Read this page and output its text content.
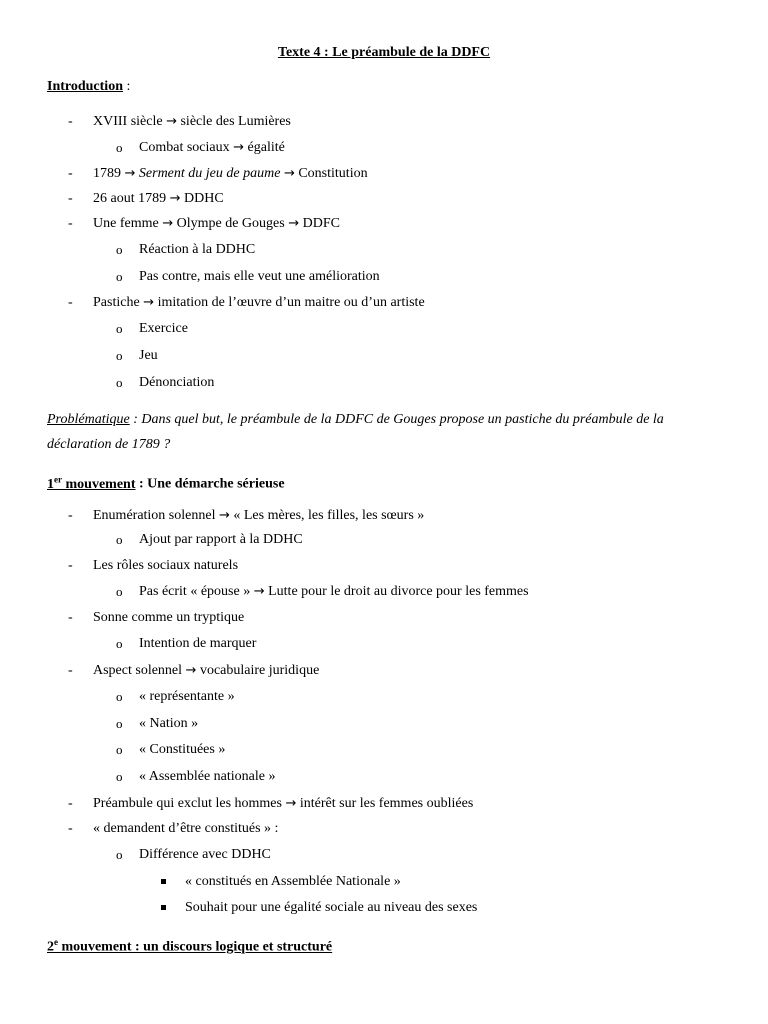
Texte 4 : Le préambule de la DDFC
Introduction :
- XVIII siècle → siècle des Lumières
o Combat sociaux → égalité
- 1789 → Serment du jeu de paume → Constitution
- 26 aout 1789 → DDHC
- Une femme → Olympe de Gouges → DDFC
o Réaction à la DDHC
o Pas contre, mais elle veut une amélioration
- Pastiche → imitation de l’œuvre d’un maitre ou d’un artiste
o Exercice
o Jeu
o Dénonciation
Problématique : Dans quel but, le préambule de la DDFC de Gouges propose un pastiche du préambule de la déclaration de 1789 ?
1er mouvement : Une démarche sérieuse
- Enumération solennel → « Les mères, les filles, les sœurs »
o Ajout par rapport à la DDHC
- Les rôles sociaux naturels
o Pas écrit « épouse » → Lutte pour le droit au divorce pour les femmes
- Sonne comme un tryptique
o Intention de marquer
- Aspect solennel → vocabulaire juridique
o « représentante »
o « Nation »
o « Constituées »
o « Assemblée nationale »
- Préambule qui exclut les hommes → intérêt sur les femmes oubliées
- « demandent d’être constitués » :
o Différence avec DDHC
« constitués en Assemblée Nationale »
Souhait pour une égalité sociale au niveau des sexes
2e mouvement : un discours logique et structuré
